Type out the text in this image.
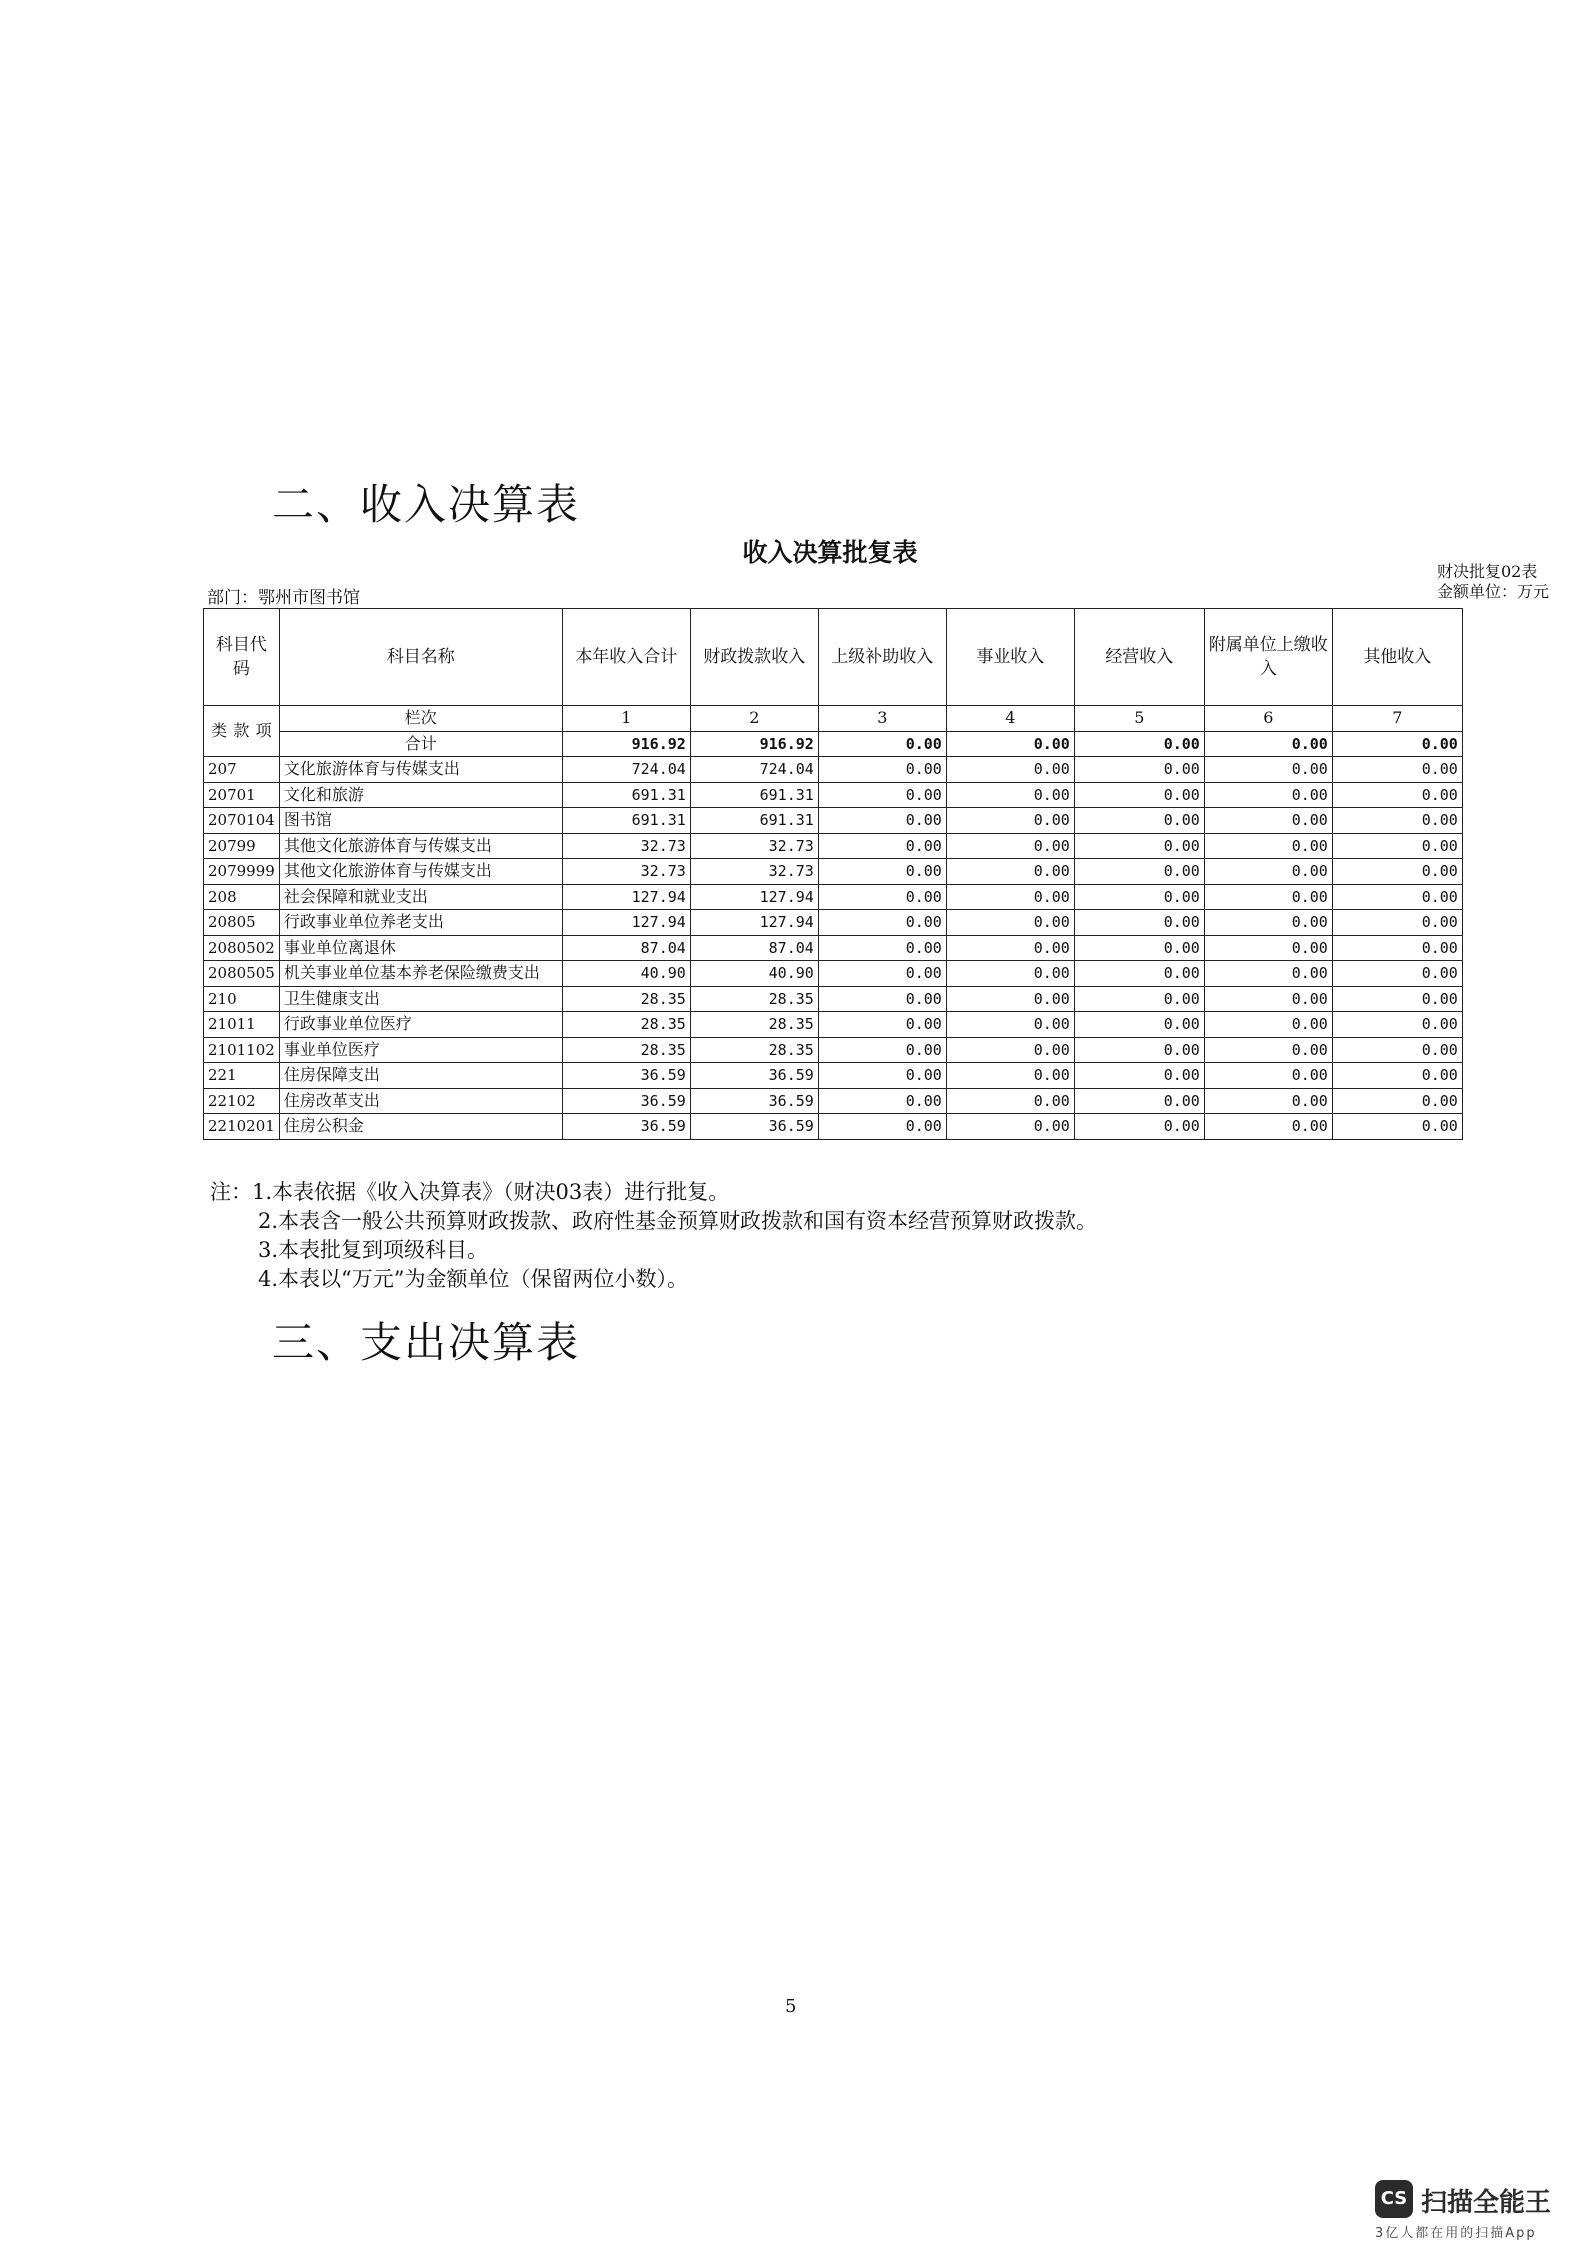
二、收入决算表
收入决算批复表
财决批复02表
金额单位：万元
部门：鄂州市图书馆
科目代码	科目名称	本年收入合计	财政拨款收入	上级补助收入	事业收入	经营收入	附属单位上缴收入	其他收入

类 款 项	栏次	1	2	3	4	5	6	7
	合计	916.92	916.92	0.00	0.00	0.00	0.00	0.00
207	文化旅游体育与传媒支出	724.04	724.04	0.00	0.00	0.00	0.00	0.00
20701	文化和旅游	691.31	691.31	0.00	0.00	0.00	0.00	0.00
2070104	图书馆	691.31	691.31	0.00	0.00	0.00	0.00	0.00
20799	其他文化旅游体育与传媒支出	32.73	32.73	0.00	0.00	0.00	0.00	0.00
2079999	其他文化旅游体育与传媒支出	32.73	32.73	0.00	0.00	0.00	0.00	0.00
208	社会保障和就业支出	127.94	127.94	0.00	0.00	0.00	0.00	0.00
20805	行政事业单位养老支出	127.94	127.94	0.00	0.00	0.00	0.00	0.00
2080502	事业单位离退休	87.04	87.04	0.00	0.00	0.00	0.00	0.00
2080505	机关事业单位基本养老保险缴费支出	40.90	40.90	0.00	0.00	0.00	0.00	0.00
210	卫生健康支出	28.35	28.35	0.00	0.00	0.00	0.00	0.00
21011	行政事业单位医疗	28.35	28.35	0.00	0.00	0.00	0.00	0.00
2101102	事业单位医疗	28.35	28.35	0.00	0.00	0.00	0.00	0.00
221	住房保障支出	36.59	36.59	0.00	0.00	0.00	0.00	0.00
22102	住房改革支出	36.59	36.59	0.00	0.00	0.00	0.00	0.00
2210201	住房公积金	36.59	36.59	0.00	0.00	0.00	0.00	0.00
注：1.本表依据《收入决算表》（财决03表）进行批复。
2.本表含一般公共预算财政拨款、政府性基金预算财政拨款和国有资本经营预算财政拨款。
3.本表批复到项级科目。
4.本表以“万元”为金额单位（保留两位小数）。
三、支出决算表
5
CS 扫描全能王
3亿人都在用的扫描App
